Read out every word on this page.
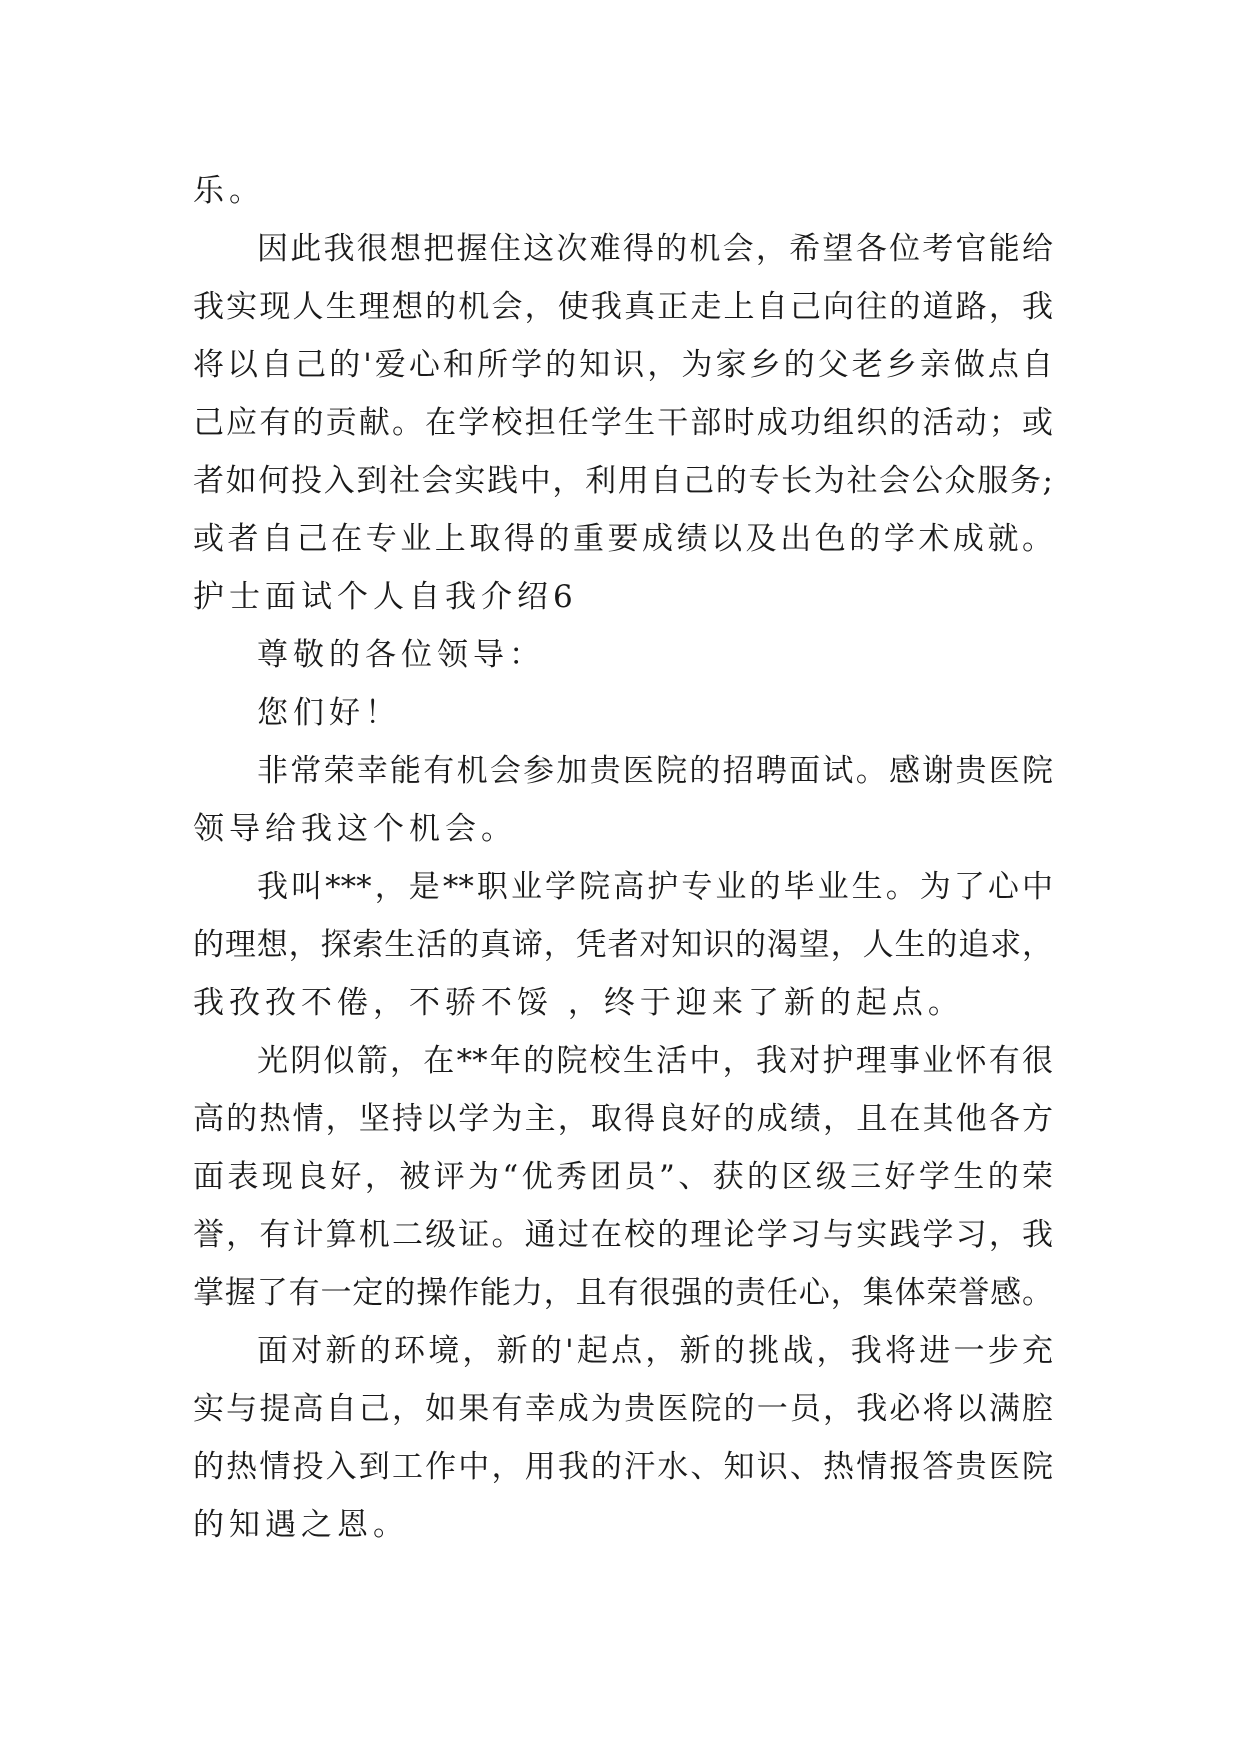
乐。
因此我很想把握住这次难得的机会，希望各位考官能给
我实现人生理想的机会，使我真正走上自己向往的道路，我
将以自己的'爱心和所学的知识，为家乡的父老乡亲做点自
己应有的贡献。在学校担任学生干部时成功组织的活动；或
者如何投入到社会实践中，利用自己的专长为社会公众服务;
或者自己在专业上取得的重要成绩以及出色的学术成就。
护士面试个人自我介绍6
尊敬的各位领导：
您们好！
非常荣幸能有机会参加贵医院的招聘面试。感谢贵医院
领导给我这个机会。
我叫***，是**职业学院高护专业的毕业生。为了心中
的理想，探索生活的真谛，凭者对知识的渴望，人生的追求，
我孜孜不倦，不骄不馁 ，终于迎来了新的起点。
光阴似箭，在**年的院校生活中，我对护理事业怀有很
高的热情，坚持以学为主，取得良好的成绩，且在其他各方
面表现良好，被评为“优秀团员”、获的区级三好学生的荣
誉，有计算机二级证。通过在校的理论学习与实践学习，我
掌握了有一定的操作能力，且有很强的责任心，集体荣誉感。
面对新的环境，新的'起点，新的挑战，我将进一步充
实与提高自己，如果有幸成为贵医院的一员，我必将以满腔
的热情投入到工作中，用我的汗水、知识、热情报答贵医院
的知遇之恩。
